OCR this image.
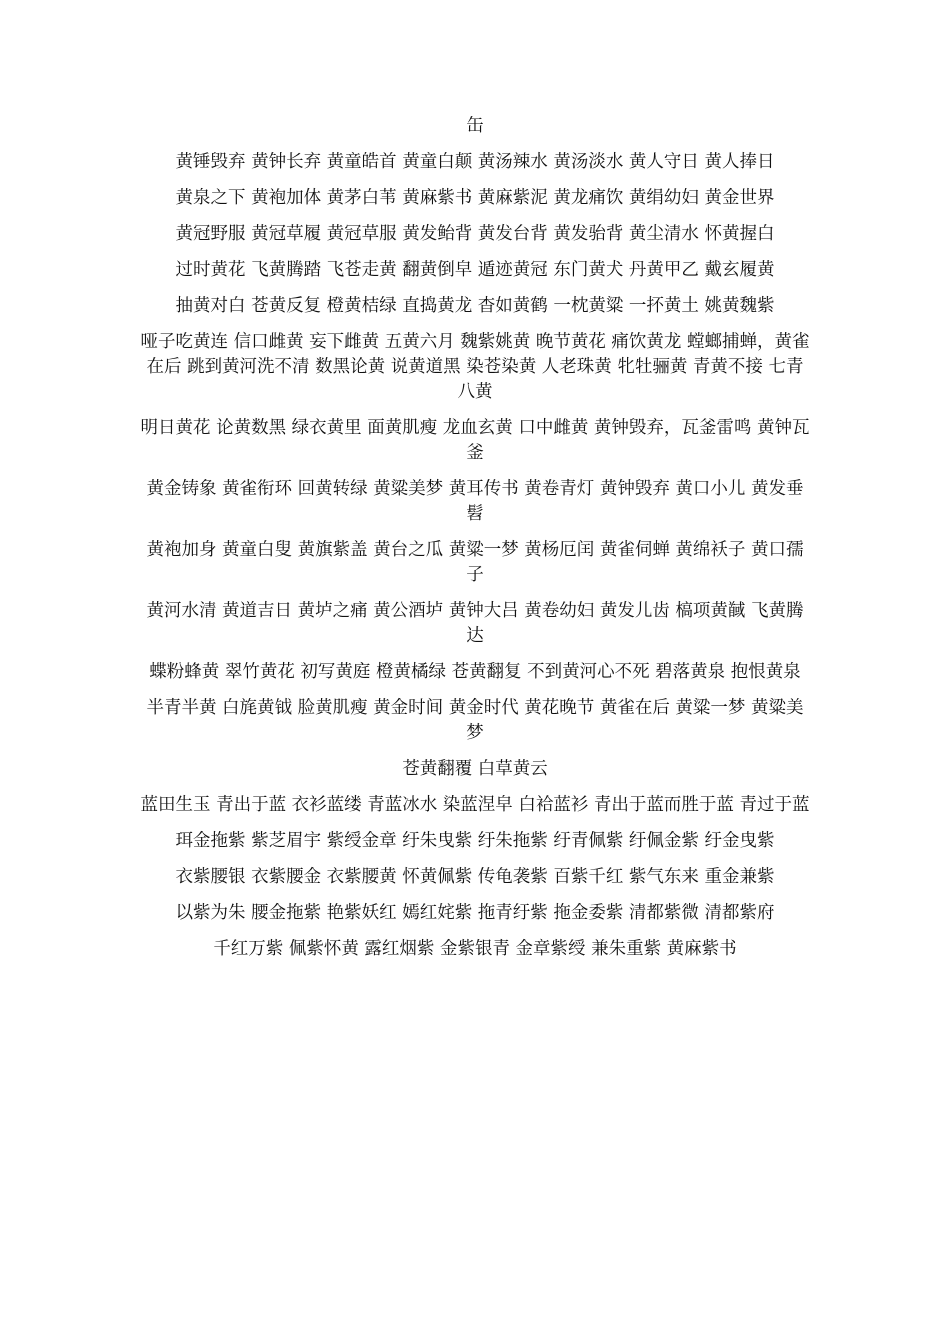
缶
黄锤毁弃 黄钟长弃 黄童皓首 黄童白颠 黄汤辣水 黄汤淡水 黄人守日 黄人捧日
黄泉之下 黄袍加体 黄茅白苇 黄麻紫书 黄麻紫泥 黄龙痛饮 黄绢幼妇 黄金世界
黄冠野服 黄冠草履 黄冠草服 黄发鲐背 黄发台背 黄发骀背 黄尘清水 怀黄握白
过时黄花 飞黄腾踏 飞苍走黄 翻黄倒皁 遁迹黄冠 东门黄犬 丹黄甲乙 戴玄履黄
抽黄对白 苍黄反复 橙黄桔绿 直捣黄龙 杳如黄鹤 一枕黄粱 一抔黄土 姚黄魏紫
哑子吃黄连 信口雌黄 妄下雌黄 五黄六月 魏紫姚黄 晚节黄花 痛饮黄龙 螳螂捕蝉，黄雀在后 跳到黄河洗不清 数黑论黄 说黄道黑 染苍染黄 人老珠黄 牝牡骊黄 青黄不接 七青八黄
明日黄花 论黄数黑 绿衣黄里 面黄肌瘦 龙血玄黄 口中雌黄 黄钟毁弃，瓦釜雷鸣 黄钟瓦釜
黄金铸象 黄雀衔环 回黄转绿 黄粱美梦 黄耳传书 黄卷青灯 黄钟毁弃 黄口小儿 黄发垂髫
黄袍加身 黄童白叟 黄旗紫盖 黄台之瓜 黄粱一梦 黄杨厄闰 黄雀伺蝉 黄绵袄子 黄口孺子
黄河水清 黄道吉日 黄垆之痛 黄公酒垆 黄钟大吕 黄卷幼妇 黄发儿齿 槁项黄馘 飞黄腾达
蝶粉蜂黄 翠竹黄花 初写黄庭 橙黄橘绿 苍黄翻复 不到黄河心不死 碧落黄泉 抱恨黄泉
半青半黄 白旄黄钺 脸黄肌瘦 黄金时间 黄金时代 黄花晚节 黄雀在后 黄粱一梦 黄粱美梦
苍黄翻覆 白草黄云
蓝田生玉 青出于蓝 衣衫蓝缕 青蓝冰水 染蓝涅皁 白袷蓝衫 青出于蓝而胜于蓝 青过于蓝
珥金拖紫 紫芝眉宇 紫绶金章 纡朱曳紫 纡朱拖紫 纡青佩紫 纡佩金紫 纡金曳紫
衣紫腰银 衣紫腰金 衣紫腰黄 怀黄佩紫 传龟袭紫 百紫千红 紫气东来 重金兼紫
以紫为朱 腰金拖紫 艳紫妖红 嫣红姹紫 拖青纡紫 拖金委紫 清都紫微 清都紫府
千红万紫 佩紫怀黄 露红烟紫 金紫银青 金章紫绶 兼朱重紫 黄麻紫书
